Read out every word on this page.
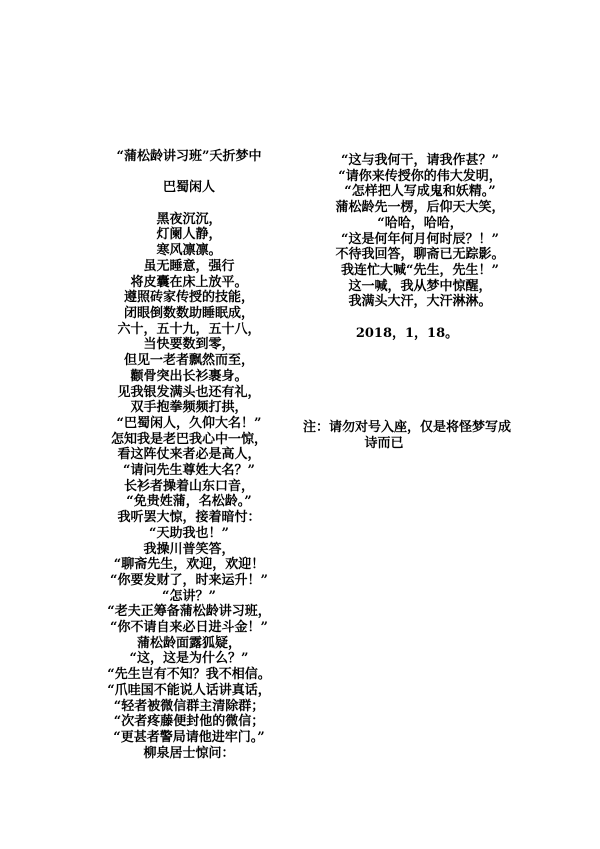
“蒲松龄讲习班”夭折梦中
巴蜀闲人
黑夜沉沉，
灯阑人静，
寒风凛凛。
虽无睡意，强行
将皮囊在床上放平。
遵照砖家传授的技能，
闭眼倒数数助睡眠成，
六十，五十九，五十八，
当快要数到零，
但见一老者飘然而至，
颧骨突出长衫裹身。
见我银发满头也还有礼，
双手抱拳频频打拱，
“巴蜀闲人，久仰大名！”
怎知我是老巴我心中一惊，
看这阵仗来者必是高人，
“请问先生尊姓大名？”
长衫者操着山东口音，
“免贵姓蒲，名松龄。”
我听罢大惊，接着暗忖：
“天助我也！”
我操川普笑答，
“聊斋先生，欢迎，欢迎！
“你要发财了，时来运升！”
“怎讲？”
“老夫正筹备蒲松龄讲习班，
“你不请自来必日进斗金！”
蒲松龄面露狐疑，
“这，这是为什么？”
“先生岂有不知？我不相信。
“爪哇国不能说人话讲真话，
“轻者被微信群主清除群；
“次者疼藤便封他的微信；
“更甚者警局请他进牢门。”
柳泉居士惊问：
“这与我何干，请我作甚？”
“请你来传授你的伟大发明，
“怎样把人写成鬼和妖精。”
蒲松龄先一楞，后仰天大笑，
“哈哈，哈哈，
“这是何年何月何时辰？！”
不待我回答，聊斋已无踪影。
我连忙大喊“先生，先生！”
这一喊，我从梦中惊醒，
我满头大汗，大汗淋淋。
2018，1，18。
注：请勿对号入座，仅是将怪梦写成
诗而已
